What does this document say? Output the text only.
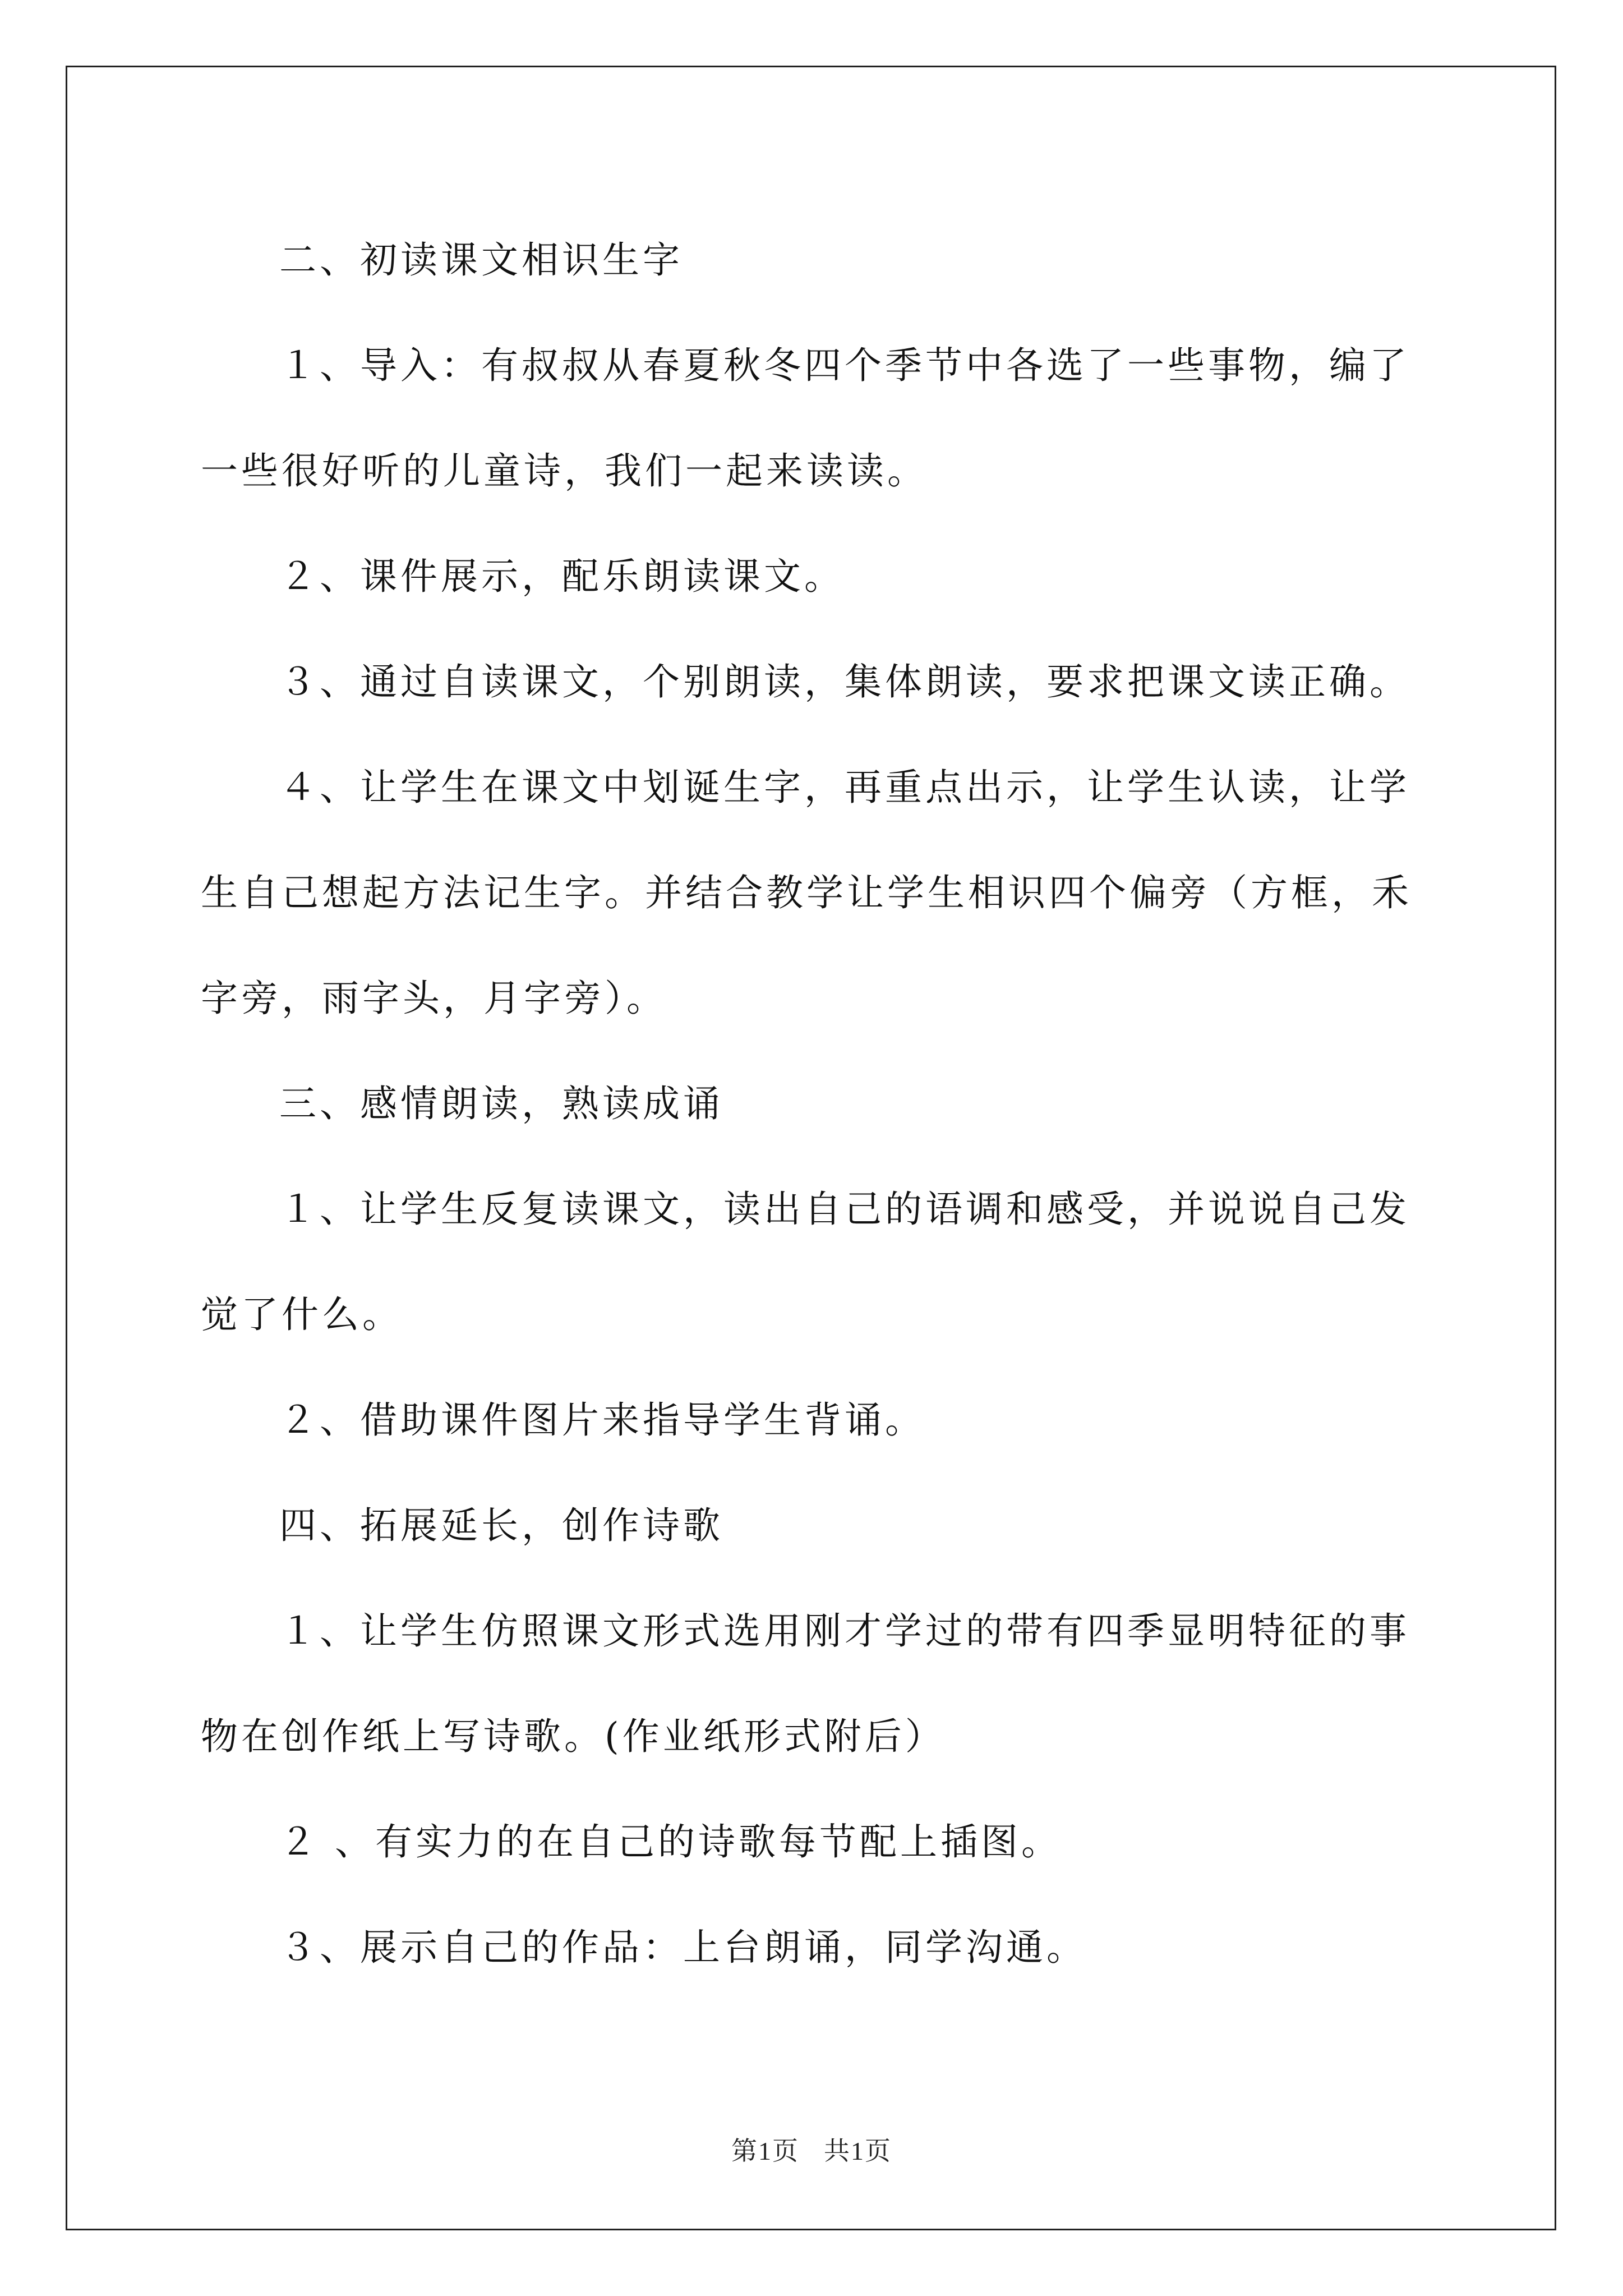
二、初读课文相识生字
１、导入：有叔叔从春夏秋冬四个季节中各选了一些事物，编了
一些很好听的儿童诗，我们一起来读读。
２、课件展示，配乐朗读课文。
３、通过自读课文，个别朗读，集体朗读，要求把课文读正确。
４、让学生在课文中划诞生字，再重点出示，让学生认读，让学
生自己想起方法记生字。并结合教学让学生相识四个偏旁（方框，禾
字旁，雨字头，月字旁）。
三、感情朗读，熟读成诵
１、让学生反复读课文，读出自己的语调和感受，并说说自己发
觉了什么。
２、借助课件图片来指导学生背诵。
四、拓展延长，创作诗歌
１、让学生仿照课文形式选用刚才学过的带有四季显明特征的事
物在创作纸上写诗歌。(作业纸形式附后）
２ 、有实力的在自己的诗歌每节配上插图。
３、展示自己的作品：上台朗诵，同学沟通。
第1页 共1页
